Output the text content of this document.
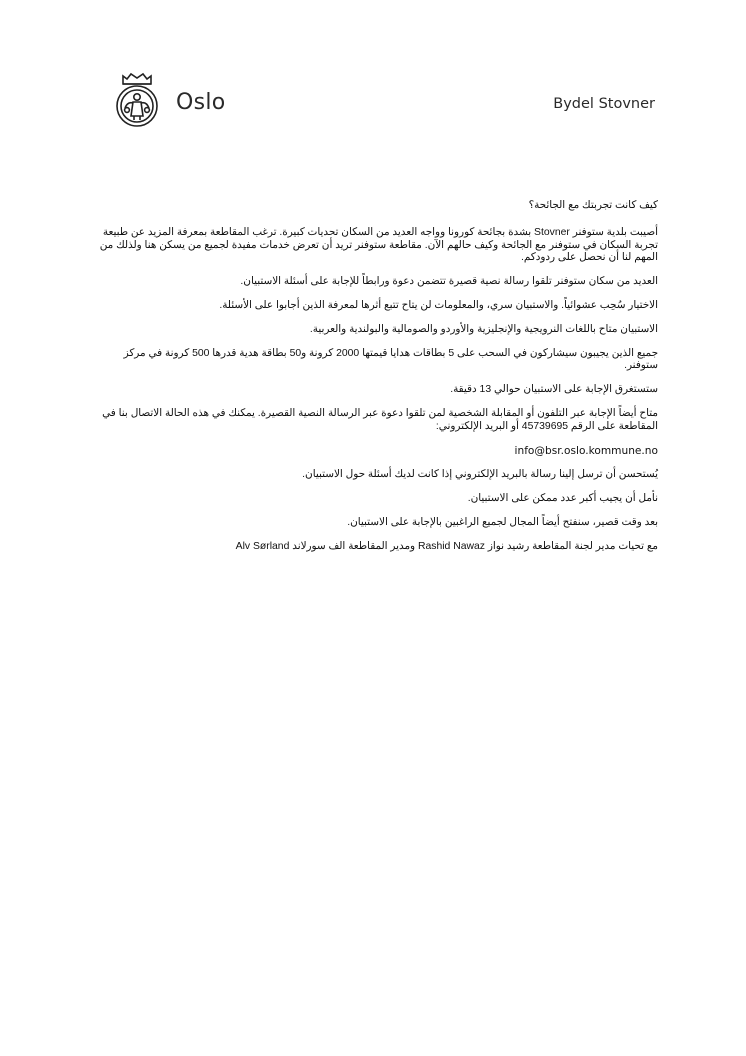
Oslo	Bydel Stovner

كيف كانت تجربتك مع الجائحة؟

أصيبت بلدية ستوفنر Stovner بشدة بجائحة كورونا وواجه العديد من السكان تحديات كبيرة. ترغب المقاطعة بمعرفة المزيد عن طبيعة تجربة السكان في ستوفنر مع الجائحة وكيف حالهم الآن. مقاطعة ستوفنر تريد أن تعرض خدمات مفيدة لجميع من يسكن هنا ولذلك من المهم لنا أن نحصل على ردودكم.

العديد من سكان ستوفنر تلقوا رسالة نصية قصيرة تتضمن دعوة ورابطاً للإجابة على أسئلة الاستبيان.

الاختيار سُحِب عشوائياً. والاستبيان سري، والمعلومات لن يتاح تتبع أثرها لمعرفة الذين أجابوا على الأسئلة.

الاستبيان متاح باللغات النرويجية والإنجليزية والأوردو والصومالية والبولندية والعربية.

جميع الذين يجيبون سيشاركون في السحب على 5 بطاقات هدايا قيمتها 2000 كرونة و50 بطاقة هدية قدرها 500 كرونة في مركز ستوفنر.

ستستغرق الإجابة على الاستبيان حوالي 13 دقيقة.

متاح أيضاً الإجابة عبر التلفون أو المقابلة الشخصية لمن تلقوا دعوة عبر الرسالة النصية القصيرة. يمكنك في هذه الحالة الاتصال بنا في المقاطعة على الرقم 45739695 أو البريد الإلكتروني:

info@bsr.oslo.kommune.no

يُستحسن أن ترسل إلينا رسالة بالبريد الإلكتروني إذا كانت لديك أسئلة حول الاستبيان.

نأمل أن يجيب أكبر عدد ممكن على الاستبيان.

بعد وقت قصير، سنفتح أيضاً المجال لجميع الراغبين بالإجابة على الاستبيان.

مع تحيات مدير لجنة المقاطعة رشيد نواز Rashid Nawaz ومدير المقاطعة الف سورلاند Alv Sørland
